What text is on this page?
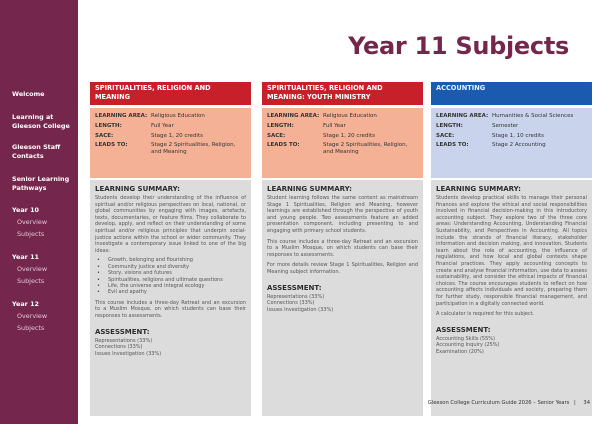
Welcome
Learning at Gleeson College
Gleeson Staff Contacts
Senior Learning Pathways
Year 10
Overview
Subjects
Year 11
Overview
Subjects
Year 12
Overview
Subjects
Year 11 Subjects
SPIRITUALITIES, RELIGION AND MEANING
LEARNING AREA: Religious Education
LENGTH:	Full Year
SACE:	Stage 1, 20 credits
LEADS TO:	Stage 2 Spiritualities, Religion, and Meaning
LEARNING SUMMARY:
Students develop their understanding of the influence of spiritual and/or religious perspectives on local, national, or global communities by engaging with images, artefacts, texts, documentaries, or feature films. They collaborate to develop, apply, and reflect on their understanding of some spiritual and/or religious principles that underpin social-justice actions within the school or wider community. They investigate a contemporary issue linked to one of the big ideas:
• Growth, belonging and flourishing
• Community justice and diversity
• Story, visions and futures
• Spiritualities, religions and ultimate questions
• Life, the universe and integral ecology
• Evil and apathy
This course includes a three-day Retreat and an excursion to a Muslim Mosque, on which students can base their responses to assessments.
ASSESSMENT:
Representations (33%)
Connections (33%)
Issues Investigation (33%)
SPIRITUALITIES, RELIGION AND MEANING: YOUTH MINISTRY
LEARNING AREA: Religious Education
LENGTH:	Full Year
SACE:	Stage 1, 20 credits
LEADS TO:	Stage 2 Spiritualities, Religion, and Meaning
LEARNING SUMMARY:
Student learning follows the same content as mainstream Stage 1 Spiritualities, Religion and Meaning, however learnings are established through the perspective of youth and young people. Two assessments feature an added presentation component, including presenting to and engaging with primary school students.
This course includes a three-day Retreat and an excursion to a Muslim Mosque, on which students can base their responses to assessments.
For more details review Stage 1 Spiritualities, Religion and Meaning subject information.
ASSESSMENT:
Representations (33%)
Connections (33%)
Issues Investigation (33%)
ACCOUNTING
LEARNING AREA: Humanities & Social Sciences
LENGTH:	Semester
SACE:	Stage 1, 10 credits
LEADS TO:	Stage 2 Accounting
LEARNING SUMMARY:
Students develop practical skills to manage their personal finances and explore the ethical and social responsibilities involved in financial decision-making in this introductory accounting subject. They explore two of the three core areas: Understanding Accounting, Understanding Financial Sustainability, and Perspectives in Accounting. All topics include the strands of financial literacy, stakeholder information and decision making, and innovation. Students learn about the role of accounting, the influence of regulations, and how local and global contexts shape financial practices. They apply accounting concepts to create and analyse financial information, use data to assess sustainability, and consider the ethical impacts of financial choices. The course encourages students to reflect on how accounting affects individuals and society, preparing them for further study, responsible financial management, and participation in a digitally connected world.
A calculator is required for this subject.
ASSESSMENT:
Accounting Skills (55%)
Accounting Inquiry (25%)
Examination (20%)
Gleeson College Curriculum Guide 2026 – Senior Years | 34
